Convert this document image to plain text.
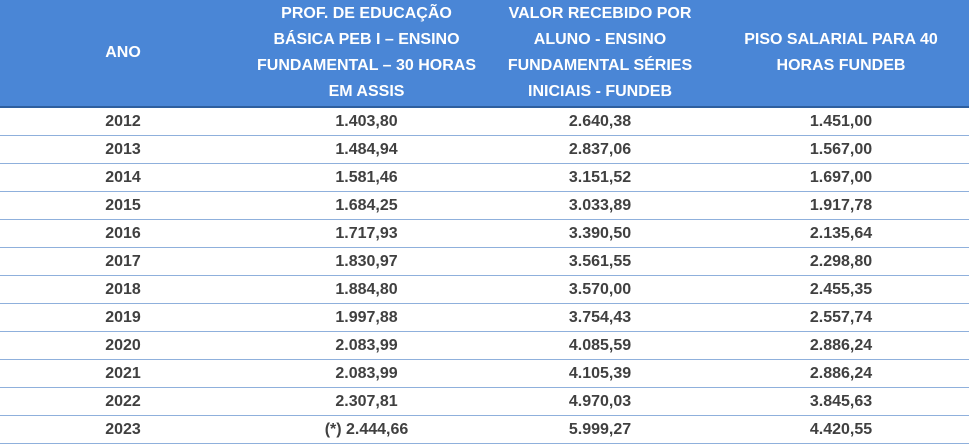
ANO	PROF. DE EDUCAÇÃO BÁSICA PEB I – ENSINO FUNDAMENTAL – 30 HORAS EM ASSIS	VALOR RECEBIDO POR ALUNO - ENSINO FUNDAMENTAL SÉRIES INICIAIS - FUNDEB	PISO SALARIAL PARA 40 HORAS FUNDEB
2012	1.403,80	2.640,38	1.451,00
2013	1.484,94	2.837,06	1.567,00
2014	1.581,46	3.151,52	1.697,00
2015	1.684,25	3.033,89	1.917,78
2016	1.717,93	3.390,50	2.135,64
2017	1.830,97	3.561,55	2.298,80
2018	1.884,80	3.570,00	2.455,35
2019	1.997,88	3.754,43	2.557,74
2020	2.083,99	4.085,59	2.886,24
2021	2.083,99	4.105,39	2.886,24
2022	2.307,81	4.970,03	3.845,63
2023	(*) 2.444,66	5.999,27	4.420,55
